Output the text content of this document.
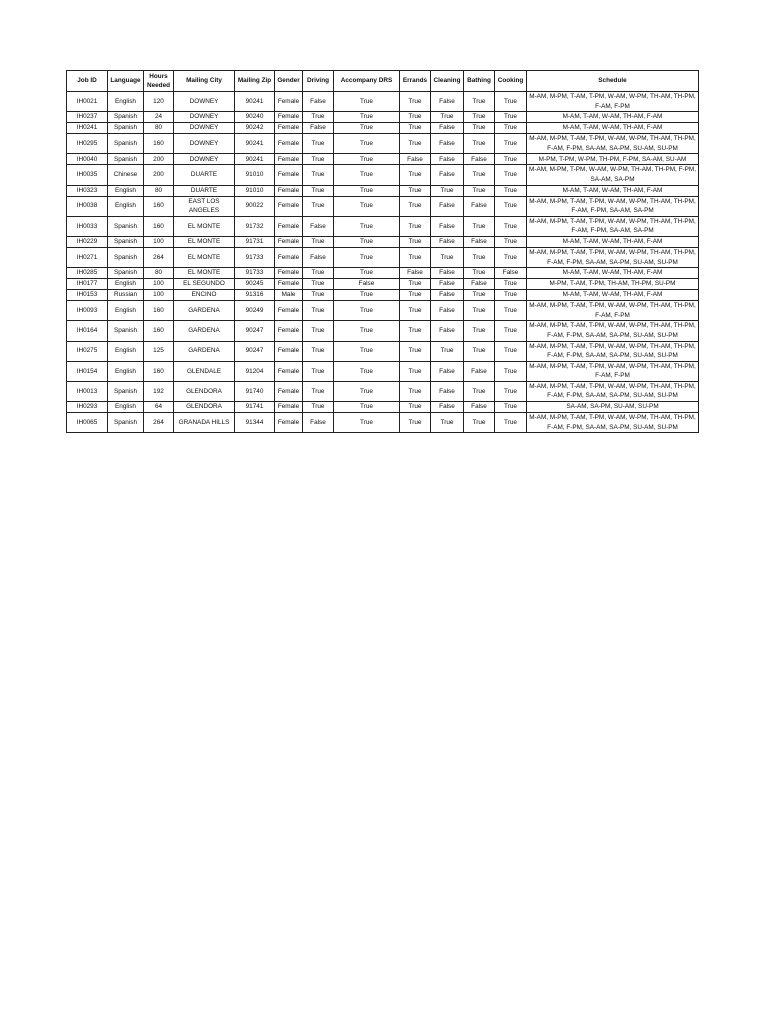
Job ID	Language	Hours Needed	Mailing City	Mailing Zip	Gender	Driving	Accompany DRS	Errands	Cleaning	Bathing	Cooking	Schedule
IH0021	English	120	DOWNEY	90241	Female	False	True	True	False	True	True	M-AM, M-PM, T-AM, T-PM, W-AM, W-PM, TH-AM, TH-PM, F-AM, F-PM
IH0237	Spanish	24	DOWNEY	90240	Female	True	True	True	True	True	True	M-AM, T-AM, W-AM, TH-AM, F-AM
IH0241	Spanish	80	DOWNEY	90242	Female	False	True	True	False	True	True	M-AM, T-AM, W-AM, TH-AM, F-AM
IH0295	Spanish	160	DOWNEY	90241	Female	True	True	True	False	True	True	M-AM, M-PM, T-AM, T-PM, W-AM, W-PM, TH-AM, TH-PM, F-AM, F-PM, SA-AM, SA-PM, SU-AM, SU-PM
IH0040	Spanish	200	DOWNEY	90241	Female	True	True	False	False	False	True	M-PM, T-PM, W-PM, TH-PM, F-PM, SA-AM, SU-AM
IH0035	Chinese	200	DUARTE	91010	Female	True	True	True	False	True	True	M-AM, M-PM, T-PM, W-AM, W-PM, TH-AM, TH-PM, F-PM, SA-AM, SA-PM
IH0323	English	80	DUARTE	91010	Female	True	True	True	True	True	True	M-AM, T-AM, W-AM, TH-AM, F-AM
IH0038	English	160	EAST LOS ANGELES	90022	Female	True	True	True	False	False	True	M-AM, M-PM, T-AM, T-PM, W-AM, W-PM, TH-AM, TH-PM, F-AM, F-PM, SA-AM, SA-PM
IH0033	Spanish	160	EL MONTE	91732	Female	False	True	True	False	True	True	M-AM, M-PM, T-AM, T-PM, W-AM, W-PM, TH-AM, TH-PM, F-AM, F-PM, SA-AM, SA-PM
IH0229	Spanish	100	EL MONTE	91731	Female	True	True	True	False	False	True	M-AM, T-AM, W-AM, TH-AM, F-AM
IH0271	Spanish	264	EL MONTE	91733	Female	False	True	True	True	True	True	M-AM, M-PM, T-AM, T-PM, W-AM, W-PM, TH-AM, TH-PM, F-AM, F-PM, SA-AM, SA-PM, SU-AM, SU-PM
IH0285	Spanish	80	EL MONTE	91733	Female	True	True	False	False	True	False	M-AM, T-AM, W-AM, TH-AM, F-AM
IH0177	English	100	EL SEGUNDO	90245	Female	True	False	True	False	False	True	M-PM, T-AM, T-PM, TH-AM, TH-PM, SU-PM
IH0153	Russian	100	ENCINO	91316	Male	True	True	True	False	True	True	M-AM, T-AM, W-AM, TH-AM, F-AM
IH0093	English	160	GARDENA	90249	Female	True	True	True	False	True	True	M-AM, M-PM, T-AM, T-PM, W-AM, W-PM, TH-AM, TH-PM, F-AM, F-PM
IH0164	Spanish	160	GARDENA	90247	Female	True	True	True	False	True	True	M-AM, M-PM, T-AM, T-PM, W-AM, W-PM, TH-AM, TH-PM, F-AM, F-PM, SA-AM, SA-PM, SU-AM, SU-PM
IH0275	English	125	GARDENA	90247	Female	True	True	True	True	True	True	M-AM, M-PM, T-AM, T-PM, W-AM, W-PM, TH-AM, TH-PM, F-AM, F-PM, SA-AM, SA-PM, SU-AM, SU-PM
IH0154	English	160	GLENDALE	91204	Female	True	True	True	False	False	True	M-AM, M-PM, T-AM, T-PM, W-AM, W-PM, TH-AM, TH-PM, F-AM, F-PM
IH0013	Spanish	192	GLENDORA	91740	Female	True	True	True	False	True	True	M-AM, M-PM, T-AM, T-PM, W-AM, W-PM, TH-AM, TH-PM, F-AM, F-PM, SA-AM, SA-PM, SU-AM, SU-PM
IH0293	English	64	GLENDORA	91741	Female	True	True	True	False	False	True	SA-AM, SA-PM, SU-AM, SU-PM
IH0065	Spanish	264	GRANADA HILLS	91344	Female	False	True	True	True	True	True	M-AM, M-PM, T-AM, T-PM, W-AM, W-PM, TH-AM, TH-PM, F-AM, F-PM, SA-AM, SA-PM, SU-AM, SU-PM
